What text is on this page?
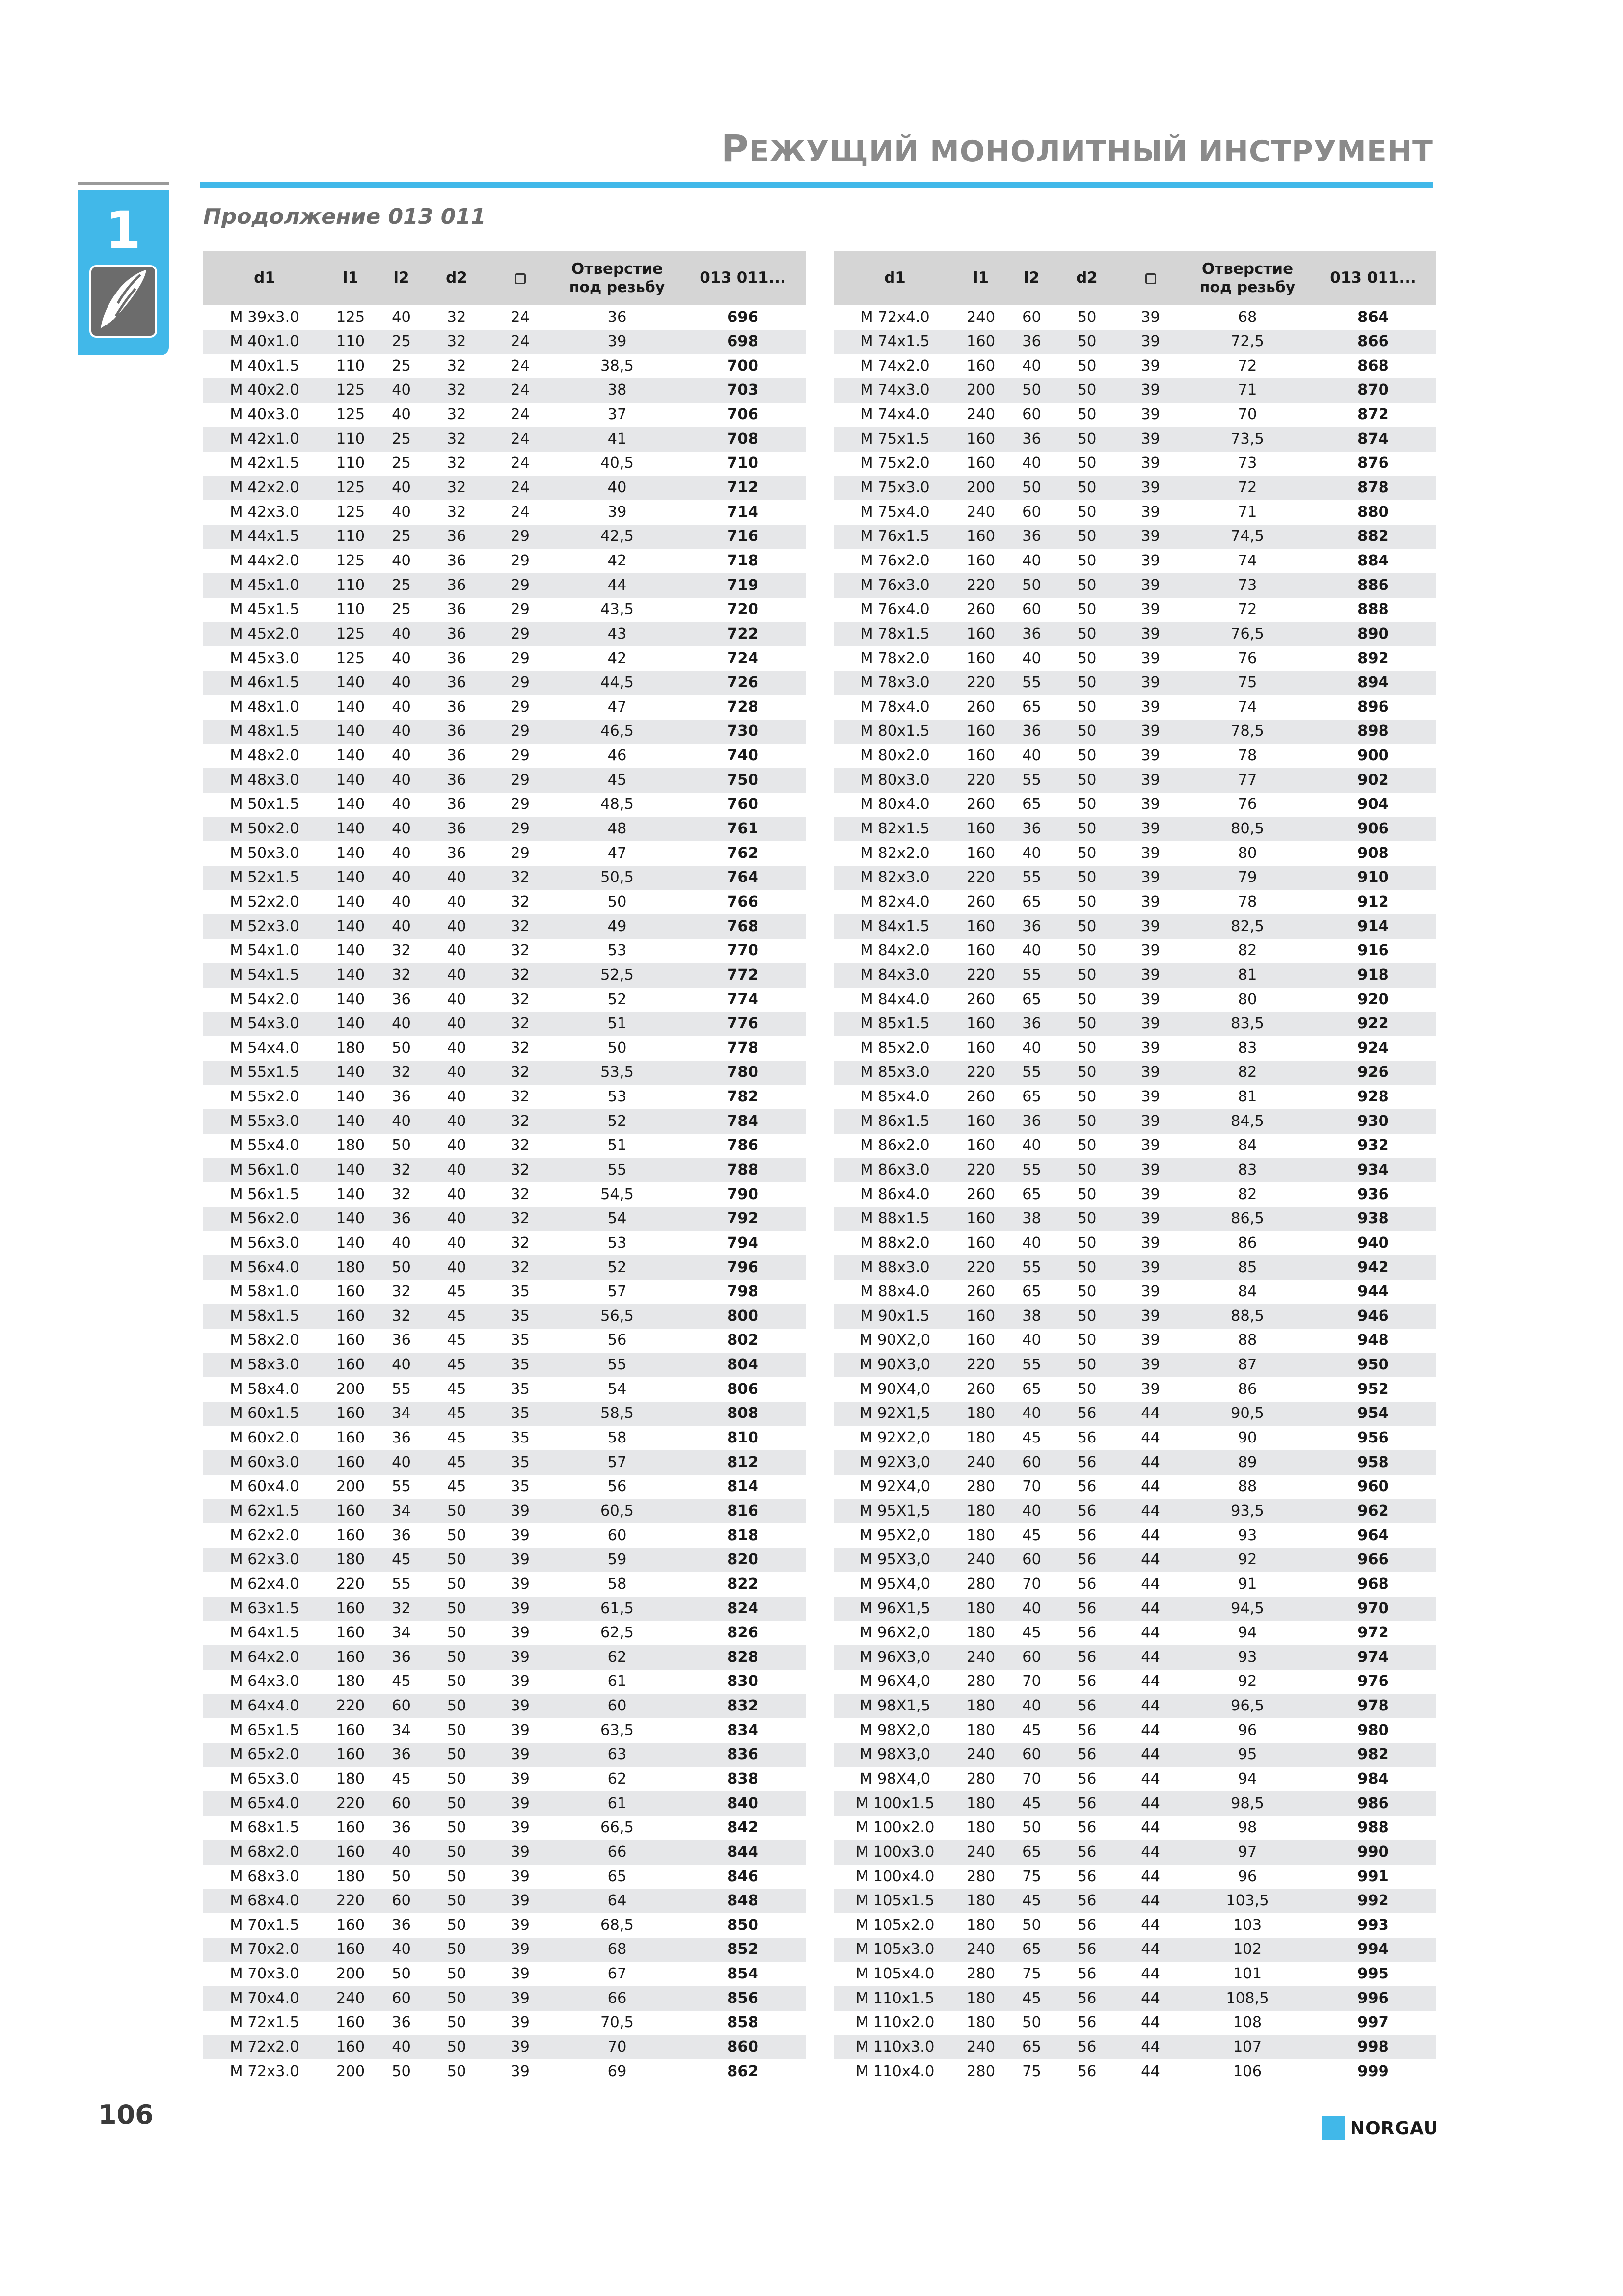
РЕЖУЩИЙ МОНОЛИТНЫЙ ИНСТРУМЕНТ
1	Продолжение 013 011
d1	l1	l2	d2		Отверстие
под резьбу	013 011...
M 39x3.0	125	40	32	24	36	696
M 40x1.0	110	25	32	24	39	698
M 40x1.5	110	25	32	24	38,5	700
M 40x2.0	125	40	32	24	38	703
M 40x3.0	125	40	32	24	37	706
M 42x1.0	110	25	32	24	41	708
M 42x1.5	110	25	32	24	40,5	710
M 42x2.0	125	40	32	24	40	712
M 42x3.0	125	40	32	24	39	714
M 44x1.5	110	25	36	29	42,5	716
M 44x2.0	125	40	36	29	42	718
M 45x1.0	110	25	36	29	44	719
M 45x1.5	110	25	36	29	43,5	720
M 45x2.0	125	40	36	29	43	722
M 45x3.0	125	40	36	29	42	724
M 46x1.5	140	40	36	29	44,5	726
M 48x1.0	140	40	36	29	47	728
M 48x1.5	140	40	36	29	46,5	730
M 48x2.0	140	40	36	29	46	740
M 48x3.0	140	40	36	29	45	750
M 50x1.5	140	40	36	29	48,5	760
M 50x2.0	140	40	36	29	48	761
M 50x3.0	140	40	36	29	47	762
M 52x1.5	140	40	40	32	50,5	764
M 52x2.0	140	40	40	32	50	766
M 52x3.0	140	40	40	32	49	768
M 54x1.0	140	32	40	32	53	770
M 54x1.5	140	32	40	32	52,5	772
M 54x2.0	140	36	40	32	52	774
M 54x3.0	140	40	40	32	51	776
M 54x4.0	180	50	40	32	50	778
M 55x1.5	140	32	40	32	53,5	780
M 55x2.0	140	36	40	32	53	782
M 55x3.0	140	40	40	32	52	784
M 55x4.0	180	50	40	32	51	786
M 56x1.0	140	32	40	32	55	788
M 56x1.5	140	32	40	32	54,5	790
M 56x2.0	140	36	40	32	54	792
M 56x3.0	140	40	40	32	53	794
M 56x4.0	180	50	40	32	52	796
M 58x1.0	160	32	45	35	57	798
M 58x1.5	160	32	45	35	56,5	800
M 58x2.0	160	36	45	35	56	802
M 58x3.0	160	40	45	35	55	804
M 58x4.0	200	55	45	35	54	806
M 60x1.5	160	34	45	35	58,5	808
M 60x2.0	160	36	45	35	58	810
M 60x3.0	160	40	45	35	57	812
M 60x4.0	200	55	45	35	56	814
M 62x1.5	160	34	50	39	60,5	816
M 62x2.0	160	36	50	39	60	818
M 62x3.0	180	45	50	39	59	820
M 62x4.0	220	55	50	39	58	822
M 63x1.5	160	32	50	39	61,5	824
M 64x1.5	160	34	50	39	62,5	826
M 64x2.0	160	36	50	39	62	828
M 64x3.0	180	45	50	39	61	830
M 64x4.0	220	60	50	39	60	832
M 65x1.5	160	34	50	39	63,5	834
M 65x2.0	160	36	50	39	63	836
M 65x3.0	180	45	50	39	62	838
M 65x4.0	220	60	50	39	61	840
M 68x1.5	160	36	50	39	66,5	842
M 68x2.0	160	40	50	39	66	844
M 68x3.0	180	50	50	39	65	846
M 68x4.0	220	60	50	39	64	848
M 70x1.5	160	36	50	39	68,5	850
M 70x2.0	160	40	50	39	68	852
M 70x3.0	200	50	50	39	67	854
M 70x4.0	240	60	50	39	66	856
M 72x1.5	160	36	50	39	70,5	858
M 72x2.0	160	40	50	39	70	860
M 72x3.0	200	50	50	39	69	862
d1	l1	l2	d2		Отверстие
под резьбу	013 011...
M 72x4.0	240	60	50	39	68	864
M 74x1.5	160	36	50	39	72,5	866
M 74x2.0	160	40	50	39	72	868
M 74x3.0	200	50	50	39	71	870
M 74x4.0	240	60	50	39	70	872
M 75x1.5	160	36	50	39	73,5	874
M 75x2.0	160	40	50	39	73	876
M 75x3.0	200	50	50	39	72	878
M 75x4.0	240	60	50	39	71	880
M 76x1.5	160	36	50	39	74,5	882
M 76x2.0	160	40	50	39	74	884
M 76x3.0	220	50	50	39	73	886
M 76x4.0	260	60	50	39	72	888
M 78x1.5	160	36	50	39	76,5	890
M 78x2.0	160	40	50	39	76	892
M 78x3.0	220	55	50	39	75	894
M 78x4.0	260	65	50	39	74	896
M 80x1.5	160	36	50	39	78,5	898
M 80x2.0	160	40	50	39	78	900
M 80x3.0	220	55	50	39	77	902
M 80x4.0	260	65	50	39	76	904
M 82x1.5	160	36	50	39	80,5	906
M 82x2.0	160	40	50	39	80	908
M 82x3.0	220	55	50	39	79	910
M 82x4.0	260	65	50	39	78	912
M 84x1.5	160	36	50	39	82,5	914
M 84x2.0	160	40	50	39	82	916
M 84x3.0	220	55	50	39	81	918
M 84x4.0	260	65	50	39	80	920
M 85x1.5	160	36	50	39	83,5	922
M 85x2.0	160	40	50	39	83	924
M 85x3.0	220	55	50	39	82	926
M 85x4.0	260	65	50	39	81	928
M 86x1.5	160	36	50	39	84,5	930
M 86x2.0	160	40	50	39	84	932
M 86x3.0	220	55	50	39	83	934
M 86x4.0	260	65	50	39	82	936
M 88x1.5	160	38	50	39	86,5	938
M 88x2.0	160	40	50	39	86	940
M 88x3.0	220	55	50	39	85	942
M 88x4.0	260	65	50	39	84	944
M 90x1.5	160	38	50	39	88,5	946
M 90X2,0	160	40	50	39	88	948
M 90X3,0	220	55	50	39	87	950
M 90X4,0	260	65	50	39	86	952
M 92X1,5	180	40	56	44	90,5	954
M 92X2,0	180	45	56	44	90	956
M 92X3,0	240	60	56	44	89	958
M 92X4,0	280	70	56	44	88	960
M 95X1,5	180	40	56	44	93,5	962
M 95X2,0	180	45	56	44	93	964
M 95X3,0	240	60	56	44	92	966
M 95X4,0	280	70	56	44	91	968
M 96X1,5	180	40	56	44	94,5	970
M 96X2,0	180	45	56	44	94	972
M 96X3,0	240	60	56	44	93	974
M 96X4,0	280	70	56	44	92	976
M 98X1,5	180	40	56	44	96,5	978
M 98X2,0	180	45	56	44	96	980
M 98X3,0	240	60	56	44	95	982
M 98X4,0	280	70	56	44	94	984
M 100x1.5	180	45	56	44	98,5	986
M 100x2.0	180	50	56	44	98	988
M 100x3.0	240	65	56	44	97	990
M 100x4.0	280	75	56	44	96	991
M 105x1.5	180	45	56	44	103,5	992
M 105x2.0	180	50	56	44	103	993
M 105x3.0	240	65	56	44	102	994
M 105x4.0	280	75	56	44	101	995
M 110x1.5	180	45	56	44	108,5	996
M 110x2.0	180	50	56	44	108	997
M 110x3.0	240	65	56	44	107	998
M 110x4.0	280	75	56	44	106	999
106	NORGAU
